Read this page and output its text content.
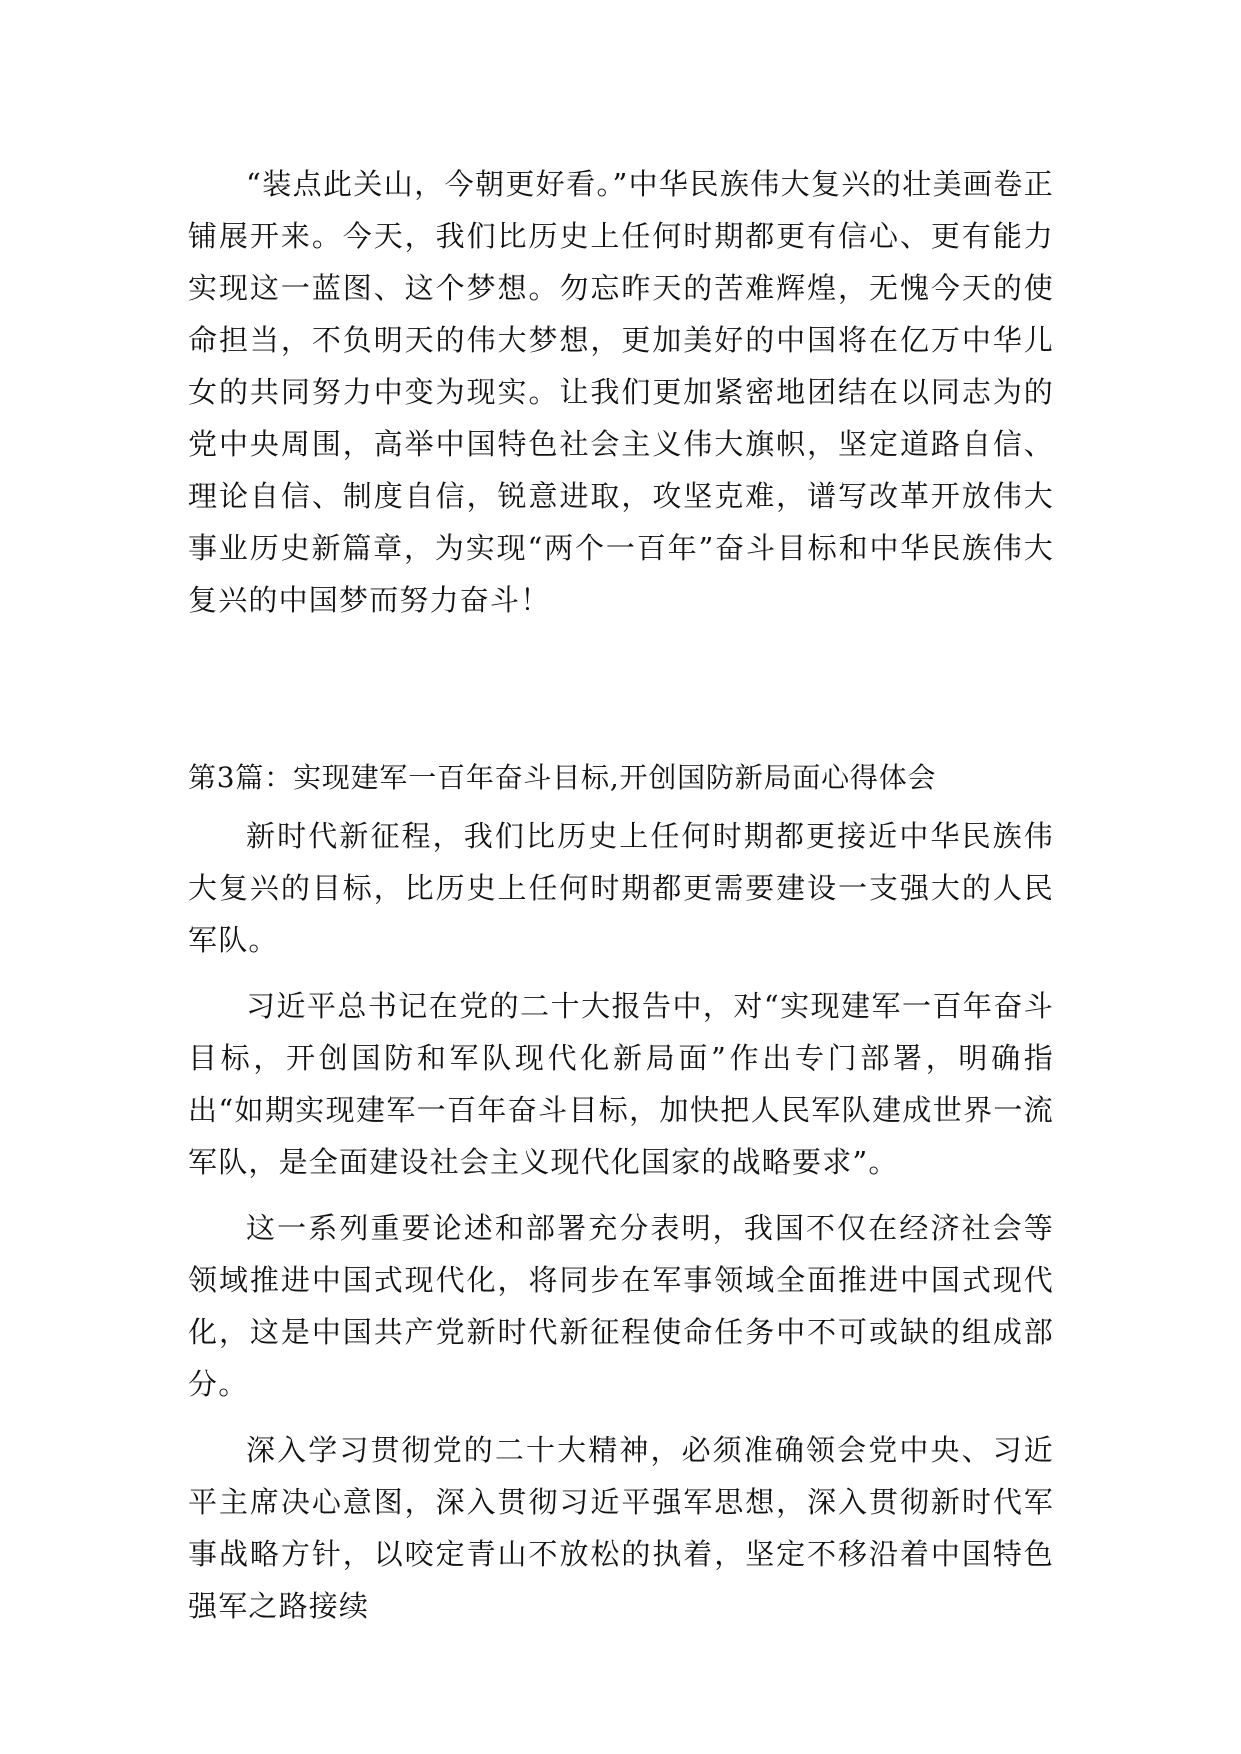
“装点此关山，今朝更好看。”中华民族伟大复兴的壮美画卷正铺展开来。今天，我们比历史上任何时期都更有信心、更有能力实现这一蓝图、这个梦想。勿忘昨天的苦难辉煌，无愧今天的使命担当，不负明天的伟大梦想，更加美好的中国将在亿万中华儿女的共同努力中变为现实。让我们更加紧密地团结在以同志为的党中央周围，高举中国特色社会主义伟大旗帜，坚定道路自信、理论自信、制度自信，锐意进取，攻坚克难，谱写改革开放伟大事业历史新篇章，为实现“两个一百年”奋斗目标和中华民族伟大复兴的中国梦而努力奋斗！

第3篇：实现建军一百年奋斗目标,开创国防新局面心得体会

新时代新征程，我们比历史上任何时期都更接近中华民族伟大复兴的目标，比历史上任何时期都更需要建设一支强大的人民军队。

习近平总书记在党的二十大报告中，对“实现建军一百年奋斗目标，开创国防和军队现代化新局面”作出专门部署，明确指出“如期实现建军一百年奋斗目标，加快把人民军队建成世界一流军队，是全面建设社会主义现代化国家的战略要求”。

这一系列重要论述和部署充分表明，我国不仅在经济社会等领域推进中国式现代化，将同步在军事领域全面推进中国式现代化，这是中国共产党新时代新征程使命任务中不可或缺的组成部分。

深入学习贯彻党的二十大精神，必须准确领会党中央、习近平主席决心意图，深入贯彻习近平强军思想，深入贯彻新时代军事战略方针，以咬定青山不放松的执着，坚定不移沿着中国特色强军之路接续
